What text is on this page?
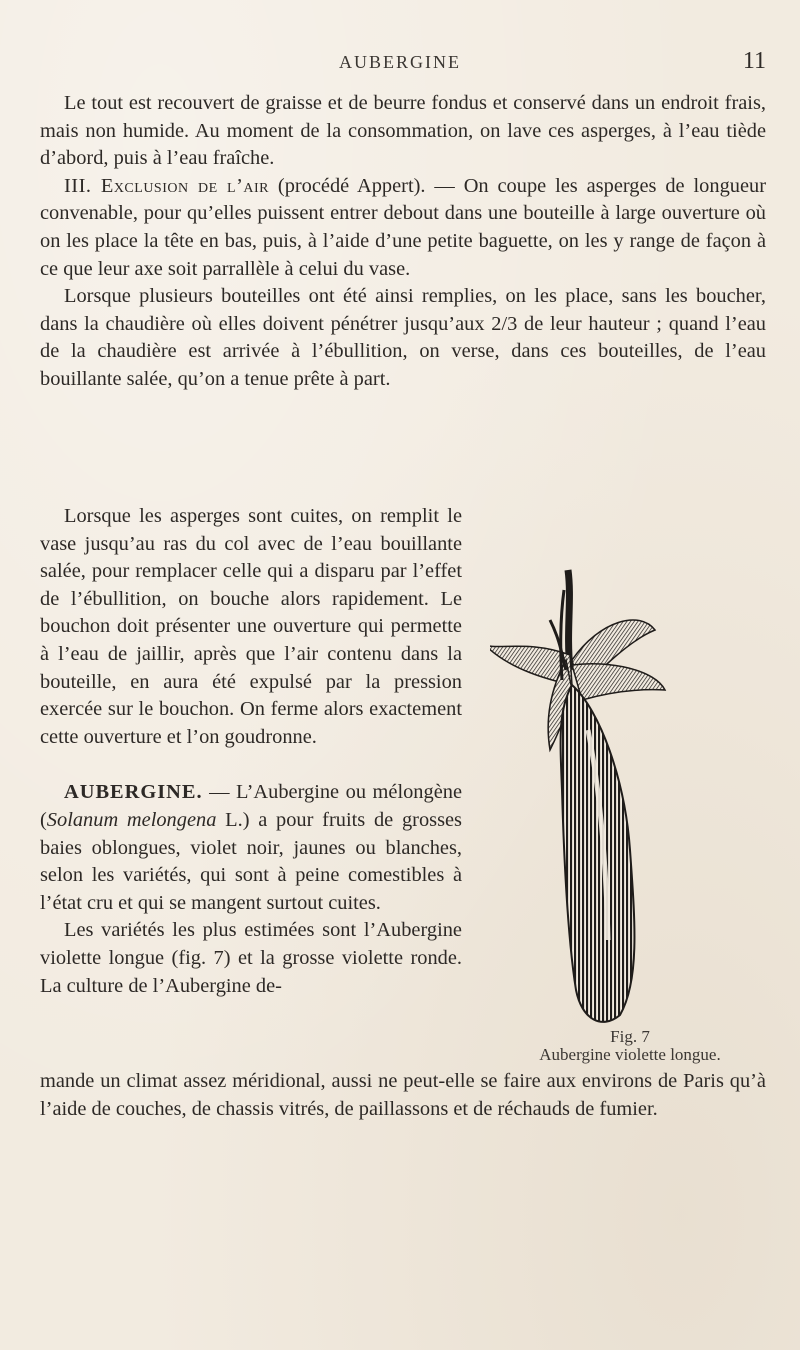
AUBERGINE	11

Le tout est recouvert de graisse et de beurre fondus et conservé dans un endroit frais, mais non humide. Au moment de la consommation, on lave ces asperges, à l’eau tiède d’abord, puis à l’eau fraîche.

III. Exclusion de l’air (procédé Appert). — On coupe les asperges de longueur convenable, pour qu’elles puissent entrer debout dans une bouteille à large ouverture où on les place la tête en bas, puis, à l’aide d’une petite baguette, on les y range de façon à ce que leur axe soit parrallèle à celui du vase.

Lorsque plusieurs bouteilles ont été ainsi remplies, on les place, sans les boucher, dans la chaudière où elles doivent pénétrer jusqu’aux 2/3 de leur hauteur ; quand l’eau de la chaudière est arrivée à l’ébullition, on verse, dans ces bouteilles, de l’eau bouillante salée, qu’on a tenue prête à part.

Lorsque les asperges sont cuites, on remplit le vase jusqu’au ras du col avec de l’eau bouillante salée, pour remplacer celle qui a disparu par l’effet de l’ébullition, on bouche alors rapidement. Le bouchon doit présenter une ouverture qui permette à l’eau de jaillir, après que l’air contenu dans la bouteille, en aura été expulsé par la pression exercée sur le bouchon. On ferme alors exactement cette ouverture et l’on goudronne.

AUBERGINE. — L’Aubergine ou mélongène (Solanum melongena L.) a pour fruits de grosses baies oblongues, violet noir, jaunes ou blanches, selon les variétés, qui sont à peine comestibles à l’état cru et qui se mangent surtout cuites.

Les variétés les plus estimées sont l’Aubergine violette longue (fig. 7) et la grosse violette ronde. La culture de l’Aubergine de-

Fig. 7
Aubergine violette longue.

mande un climat assez méridional, aussi ne peut-elle se faire aux environs de Paris qu’à l’aide de couches, de chassis vitrés, de paillassons et de réchauds de fumier.
